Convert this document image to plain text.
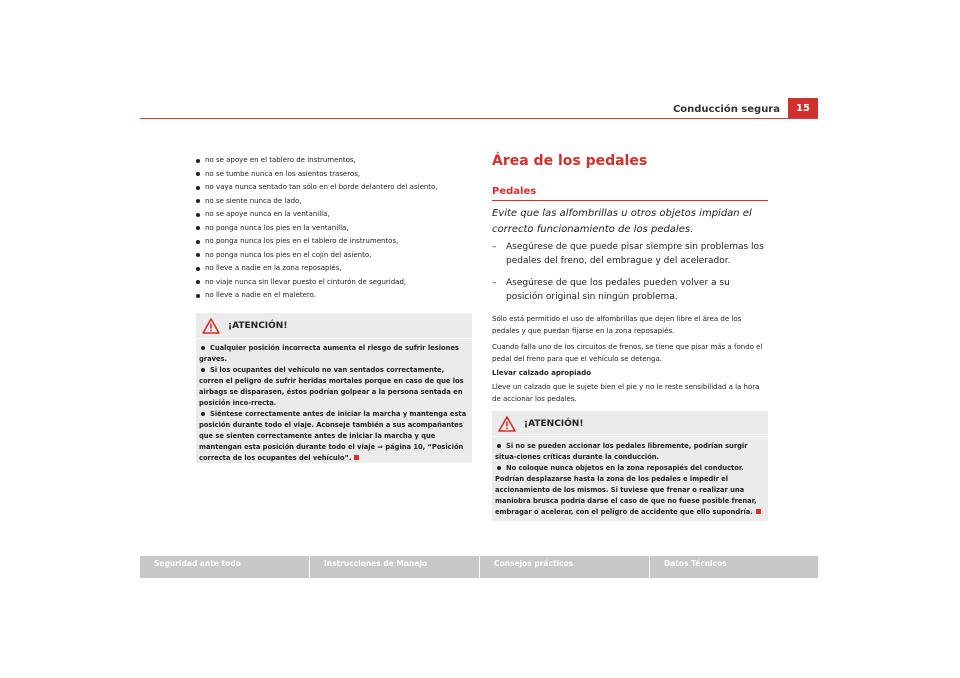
Conducción segura	15
no se apoye en el tablero de instrumentos,
no se tumbe nunca en los asientos traseros,
no vaya nunca sentado tan sólo en el borde delantero del asiento,
no se siente nunca de lado,
no se apoye nunca en la ventanilla,
no ponga nunca los pies en la ventanilla,
no ponga nunca los pies en el tablero de instrumentos,
no ponga nunca los pies en el cojín del asiento,
no lleve a nadie en la zona reposapiés,
no viaje nunca sin llevar puesto el cinturón de seguridad,
no lleve a nadie en el maletero.
¡ATENCIÓN!

Cualquier posición incorrecta aumenta el riesgo de sufrir lesiones graves.

Si los ocupantes del vehículo no van sentados correctamente, corren el peligro de sufrir heridas mortales porque en caso de que los airbags se disparasen, éstos podrían golpear a la persona sentada en posición inco-rrecta.

Siéntese correctamente antes de iniciar la marcha y mantenga esta posición durante todo el viaje. Aconseje también a sus acompañantes que se sienten correctamente antes de iniciar la marcha y que mantengan esta posición durante todo el viaje ⇒ página 10, “Posición correcta de los ocupantes del vehículo”.

Área de los pedales
Pedales
Evite que las alfombrillas u otros objetos impidan el correcto funcionamiento de los pedales.
– Asegúrese de que puede pisar siempre sin problemas los pedales del freno, del embrague y del acelerador.
– Asegúrese de que los pedales pueden volver a su posición original sin ningún problema.
Sólo está permitido el uso de alfombrillas que dejen libre el área de los pedales y que puedan fijarse en la zona reposapiés.
Cuando falla uno de los circuitos de frenos, se tiene que pisar más a fondo el pedal del freno para que el vehículo se detenga.
Llevar calzado apropiado
Lleve un calzado que le sujete bien el pie y no le reste sensibilidad a la hora de accionar los pedales.
¡ATENCIÓN!

Si no se pueden accionar los pedales libremente, podrían surgir situa-ciones críticas durante la conducción.

No coloque nunca objetos en la zona reposapiés del conductor. Podrían desplazarse hasta la zona de los pedales e impedir el accionamiento de los mismos. Si tuviese que frenar o realizar una maniobra brusca podría darse el caso de que no fuese posible frenar, embragar o acelerar, con el peligro de accidente que ello supondría.

Seguridad ante todo	Instrucciones de Manejo	Consejos prácticos	Datos Técnicos
